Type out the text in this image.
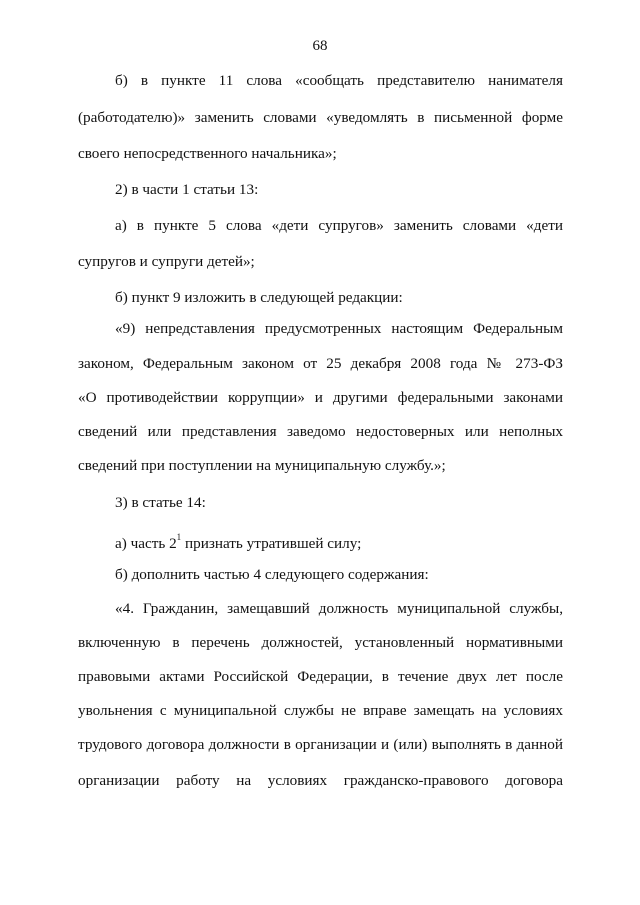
68
б) в пункте 11 слова «сообщать представителю нанимателя
(работодателю)» заменить словами «уведомлять в письменной форме
своего непосредственного начальника»;
2) в части 1 статьи 13:
а) в пункте 5 слова «дети супругов» заменить словами «дети
супругов и супруги детей»;
б) пункт 9 изложить в следующей редакции:
«9) непредставления предусмотренных настоящим Федеральным
законом, Федеральным законом от 25 декабря 2008 года № 273-ФЗ
«О противодействии коррупции» и другими федеральными законами
сведений или представления заведомо недостоверных или неполных
сведений при поступлении на муниципальную службу.»;
3) в статье 14:
а) часть $2^1$ признать утратившей силу;
б) дополнить частью 4 следующего содержания:
«4. Гражданин, замещавший должность муниципальной службы,
включенную в перечень должностей, установленный нормативными
правовыми актами Российской Федерации, в течение двух лет после
увольнения с муниципальной службы не вправе замещать на условиях
трудового договора должности в организации и (или) выполнять в данной
организации работу на условиях гражданско-правового договора
